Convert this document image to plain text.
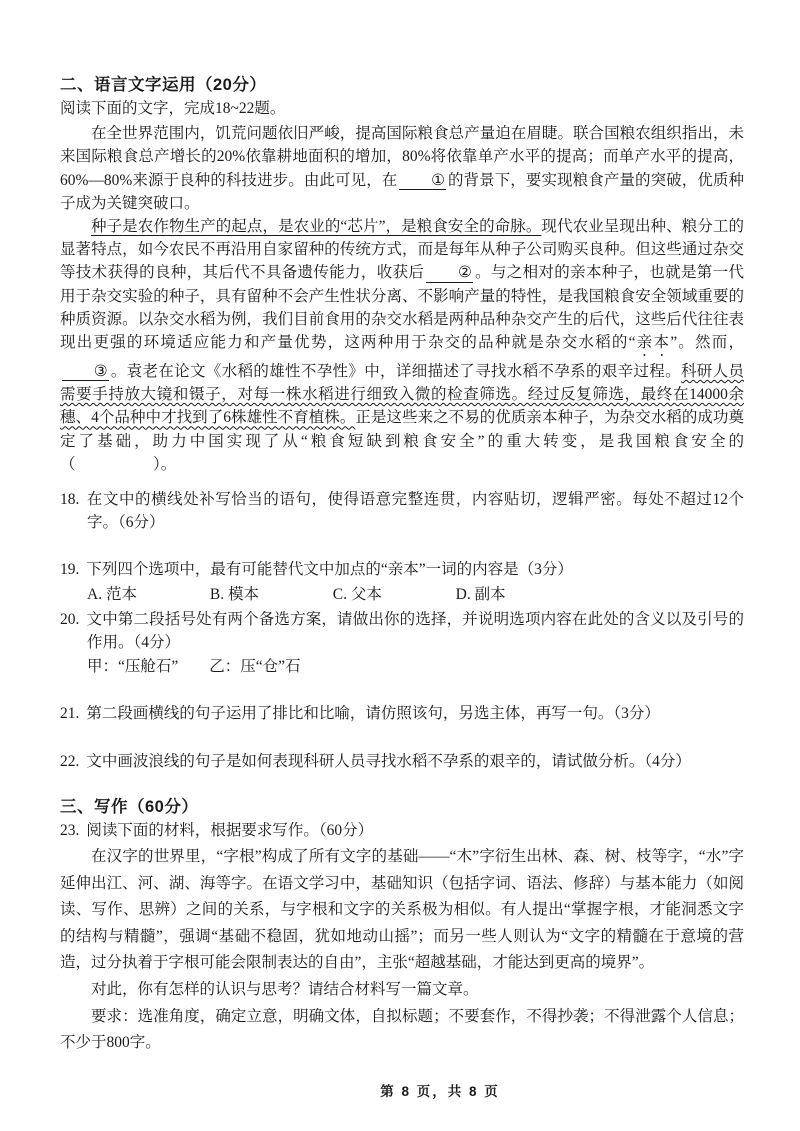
二、语言文字运用（20分）
阅读下面的文字，完成18~22题。

在全世界范围内，饥荒问题依旧严峻，提高国际粮食总产量迫在眉睫。联合国粮农组织指出，未来国际粮食总产增长的20%依靠耕地面积的增加，80%将依靠单产水平的提高；而单产水平的提高，60%—80%来源于良种的科技进步。由此可见，在 ① 的背景下，要实现粮食产量的突破，优质种子成为关键突破口。

种子是农作物生产的起点，是农业的“芯片”，是粮食安全的命脉。现代农业呈现出种、粮分工的显著特点，如今农民不再沿用自家留种的传统方式，而是每年从种子公司购买良种。但这些通过杂交等技术获得的良种，其后代不具备遗传能力，收获后 ② 。与之相对的亲本种子，也就是第一代用于杂交实验的种子，具有留种不会产生性状分离、不影响产量的特性，是我国粮食安全领域重要的种质资源。以杂交水稻为例，我们目前食用的杂交水稻是两种品种杂交产生的后代，这些后代往往表现出更强的环境适应能力和产量优势，这两种用于杂交的品种就是杂交水稻的“亲本”。然而，③ 。袁老在论文《水稻的雄性不孕性》中，详细描述了寻找水稻不孕系的艰辛过程。科研人员需要手持放大镜和镊子，对每一株水稻进行细致入微的检查筛选。经过反复筛选，最终在14000余穗、4个品种中才找到了6株雄性不育植株。正是这些来之不易的优质亲本种子，为杂交水稻的成功奠定了基础，助力中国实现了从“粮食短缺到粮食安全”的重大转变，是我国粮食安全的（　　　　　）。

18. 在文中的横线处补写恰当的语句，使得语意完整连贯，内容贴切，逻辑严密。每处不超过12个字。（6分）
19. 下列四个选项中，最有可能替代文中加点的“亲本”一词的内容是（3分）
A. 范本	B. 模本	C. 父本	D. 副本
20. 文中第二段括号处有两个备选方案，请做出你的选择，并说明选项内容在此处的含义以及引号的作用。（4分）
甲：“压舱石”　　乙：压“仓”石
21. 第二段画横线的句子运用了排比和比喻，请仿照该句，另选主体，再写一句。（3分）
22. 文中画波浪线的句子是如何表现科研人员寻找水稻不孕系的艰辛的，请试做分析。（4分）
三、写作（60分）
23. 阅读下面的材料，根据要求写作。（60分）

在汉字的世界里，“字根”构成了所有文字的基础——“木”字衍生出林、森、树、枝等字，“水”字延伸出江、河、湖、海等字。在语文学习中，基础知识（包括字词、语法、修辞）与基本能力（如阅读、写作、思辨）之间的关系，与字根和文字的关系极为相似。有人提出“掌握字根，才能洞悉文字的结构与精髓”，强调“基础不稳固，犹如地动山摇”；而另一些人则认为“文字的精髓在于意境的营造，过分执着于字根可能会限制表达的自由”，主张“超越基础，才能达到更高的境界”。

对此，你有怎样的认识与思考？请结合材料写一篇文章。

要求：选准角度，确定立意，明确文体，自拟标题；不要套作，不得抄袭；不得泄露个人信息；不少于800字。

第 8 页，共 8 页
